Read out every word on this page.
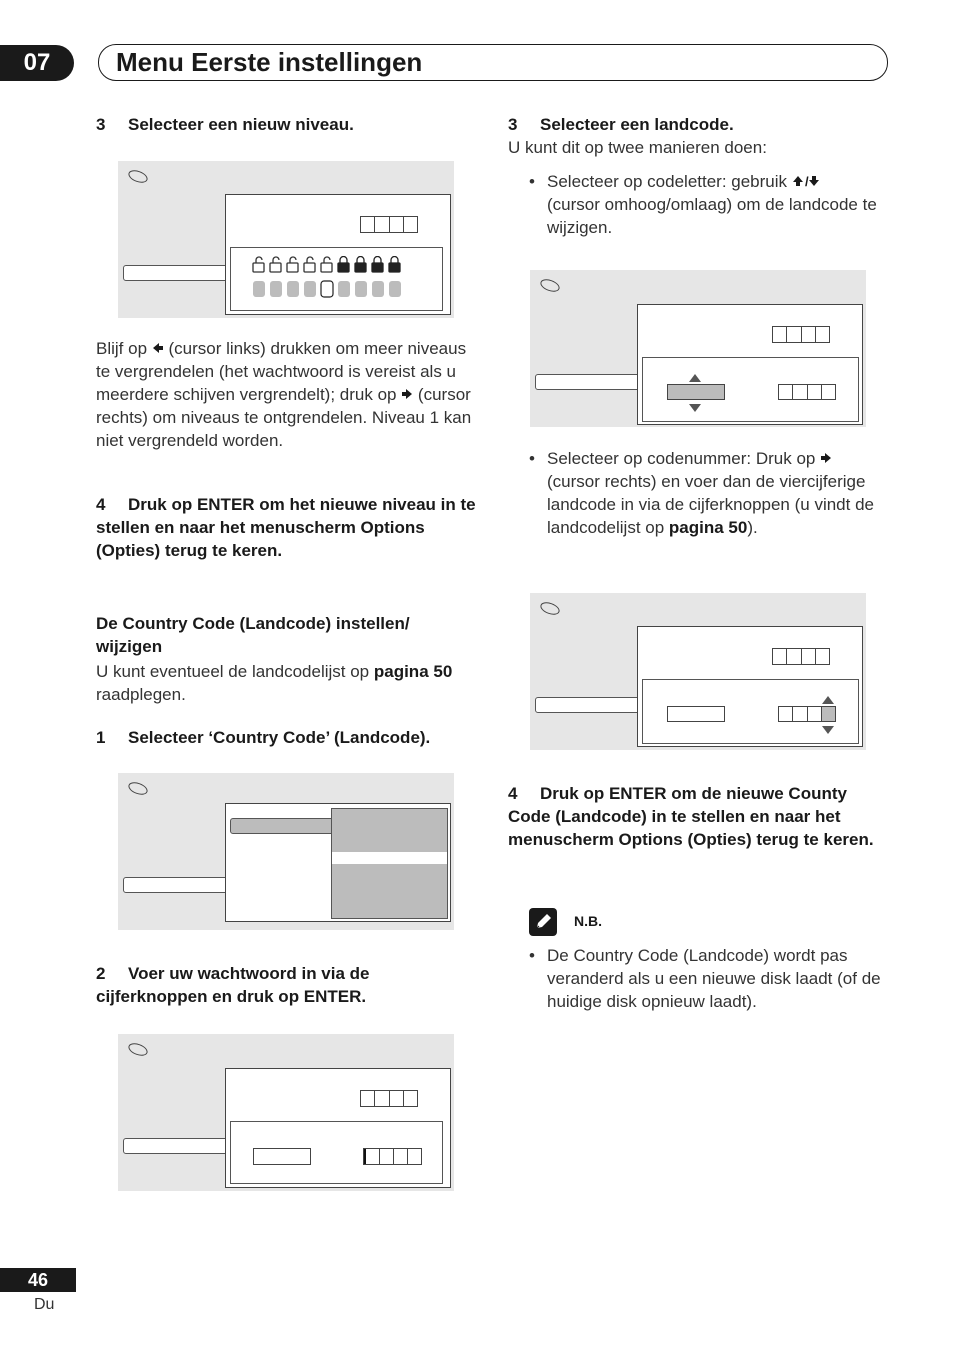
07	Menu Eerste instellingen
3 Selecteer een nieuw niveau.
Blijf op  (cursor links) drukken om meer niveaus te vergrendelen (het wachtwoord is vereist als u meerdere schijven vergrendelt); druk op  (cursor rechts) om niveaus te ontgrendelen. Niveau 1 kan niet vergrendeld worden.
4 Druk op ENTER om het nieuwe niveau in te stellen en naar het menuscherm Options (Opties) terug te keren.
De Country Code (Landcode) instellen/ wijzigen
U kunt eventueel de landcodelijst op pagina 50 raadplegen.
1 Selecteer ‘Country Code’ (Landcode).
2 Voer uw wachtwoord in via de cijferknoppen en druk op ENTER.
3 Selecteer een landcode.
U kunt dit op twee manieren doen:
• Selecteer op codeletter: gebruik /
(cursor omhoog/omlaag) om de landcode te wijzigen.
• Selecteer op codenummer: Druk op  (cursor rechts) en voer dan de viercijferige landcode in via de cijferknoppen (u vindt de landcodelijst op pagina 50).
4 Druk op ENTER om de nieuwe County Code (Landcode) in te stellen en naar het menuscherm Options (Opties) terug te keren.
N.B.
• De Country Code (Landcode) wordt pas veranderd als u een nieuwe disk laadt (of de huidige disk opnieuw laadt).
46
Du
